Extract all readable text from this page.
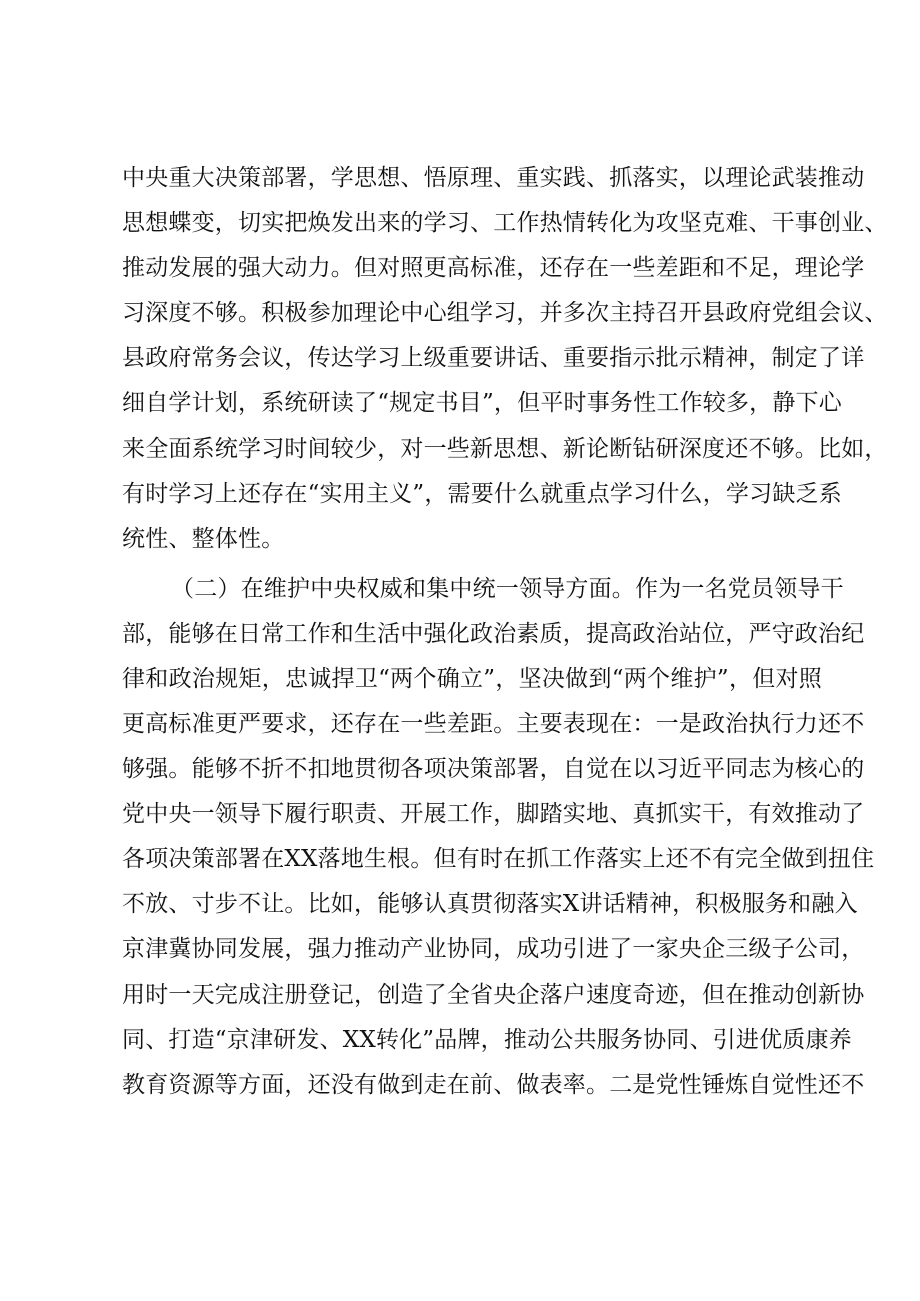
中央重大决策部署，学思想、悟原理、重实践、抓落实，以理论武装推动
思想蝶变，切实把焕发出来的学习、工作热情转化为攻坚克难、干事创业、
推动发展的强大动力。但对照更高标准，还存在一些差距和不足，理论学
习深度不够。积极参加理论中心组学习，并多次主持召开县政府党组会议、
县政府常务会议，传达学习上级重要讲话、重要指示批示精神，制定了详
细自学计划，系统研读了“规定书目”，但平时事务性工作较多，静下心
来全面系统学习时间较少，对一些新思想、新论断钻研深度还不够。比如，
有时学习上还存在“实用主义”，需要什么就重点学习什么，学习缺乏系
统性、整体性。
（二）在维护中央权威和集中统一领导方面。作为一名党员领导干
部，能够在日常工作和生活中强化政治素质，提高政治站位，严守政治纪
律和政治规矩，忠诚捍卫“两个确立”，坚决做到“两个维护”，但对照
更高标准更严要求，还存在一些差距。主要表现在：一是政治执行力还不
够强。能够不折不扣地贯彻各项决策部署，自觉在以习近平同志为核心的
党中央一领导下履行职责、开展工作，脚踏实地、真抓实干，有效推动了
各项决策部署在XX落地生根。但有时在抓工作落实上还不有完全做到扭住
不放、寸步不让。比如，能够认真贯彻落实X讲话精神，积极服务和融入
京津冀协同发展，强力推动产业协同，成功引进了一家央企三级子公司，
用时一天完成注册登记，创造了全省央企落户速度奇迹，但在推动创新协
同、打造“京津研发、XX转化”品牌，推动公共服务协同、引进优质康养
教育资源等方面，还没有做到走在前、做表率。二是党性锤炼自觉性还不
